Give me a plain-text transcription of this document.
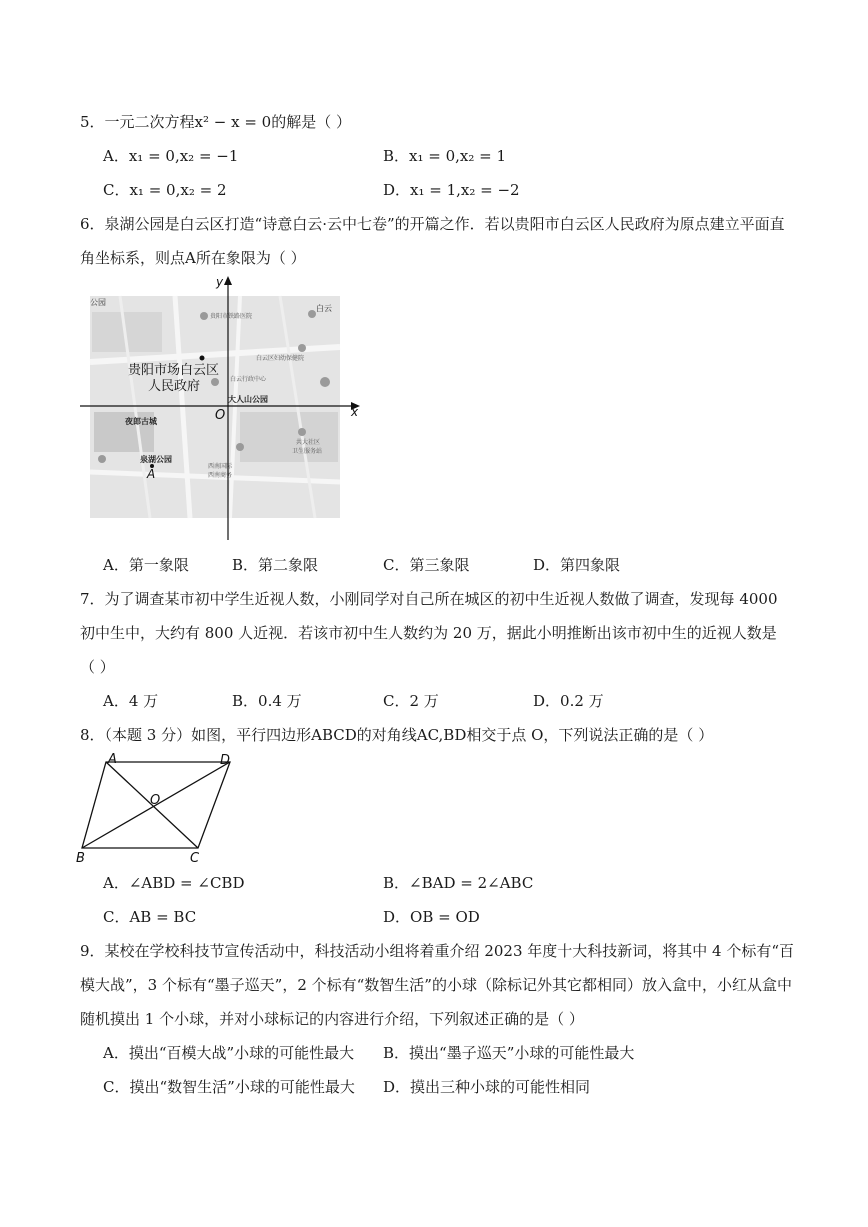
5．一元二次方程x² − x = 0的解是（ ）
A．x₁ = 0,x₂ = −1	B．x₁ = 0,x₂ = 1
C．x₁ = 0,x₂ = 2	D．x₁ = 1,x₂ = −2
6．泉湖公园是白云区打造“诗意白云·云中七卷”的开篇之作．若以贵阳市白云区人民政府为原点建立平面直
角坐标系，则点A所在象限为（ ）
公园
白云
大人山公园
夜郎古城
白云行政中心
白云区妇幼保健院
贵阳市铁路医院
共大社区
卫生服务站
西南国际
西南商务
贵阳市场白云区
人民政府
泉湖公园
A
x
y
O
A．第一象限	B．第二象限	C．第三象限	D．第四象限
7．为了调查某市初中学生近视人数，小刚同学对自己所在城区的初中生近视人数做了调查，发现每 4000
初中生中，大约有 800 人近视．若该市初中生人数约为 20 万，据此小明推断出该市初中生的近视人数是
（ ）
A．4 万	B．0.4 万	C．2 万	D．0.2 万
8．（本题 3 分）如图，平行四边形ABCD的对角线AC,BD相交于点 O，下列说法正确的是（ ）
A	D
B	C
O
A．∠ABD = ∠CBD	B．∠BAD = 2∠ABC
C．AB = BC	D．OB = OD
9．某校在学校科技节宣传活动中，科技活动小组将着重介绍 2023 年度十大科技新词，将其中 4 个标有“百
模大战”，3 个标有“墨子巡天”，2 个标有“数智生活”的小球（除标记外其它都相同）放入盒中，小红从盒中
随机摸出 1 个小球，并对小球标记的内容进行介绍，下列叙述正确的是（ ）
A．摸出“百模大战”小球的可能性最大 B．摸出“墨子巡天”小球的可能性最大
C．摸出“数智生活”小球的可能性最大 D．摸出三种小球的可能性相同
